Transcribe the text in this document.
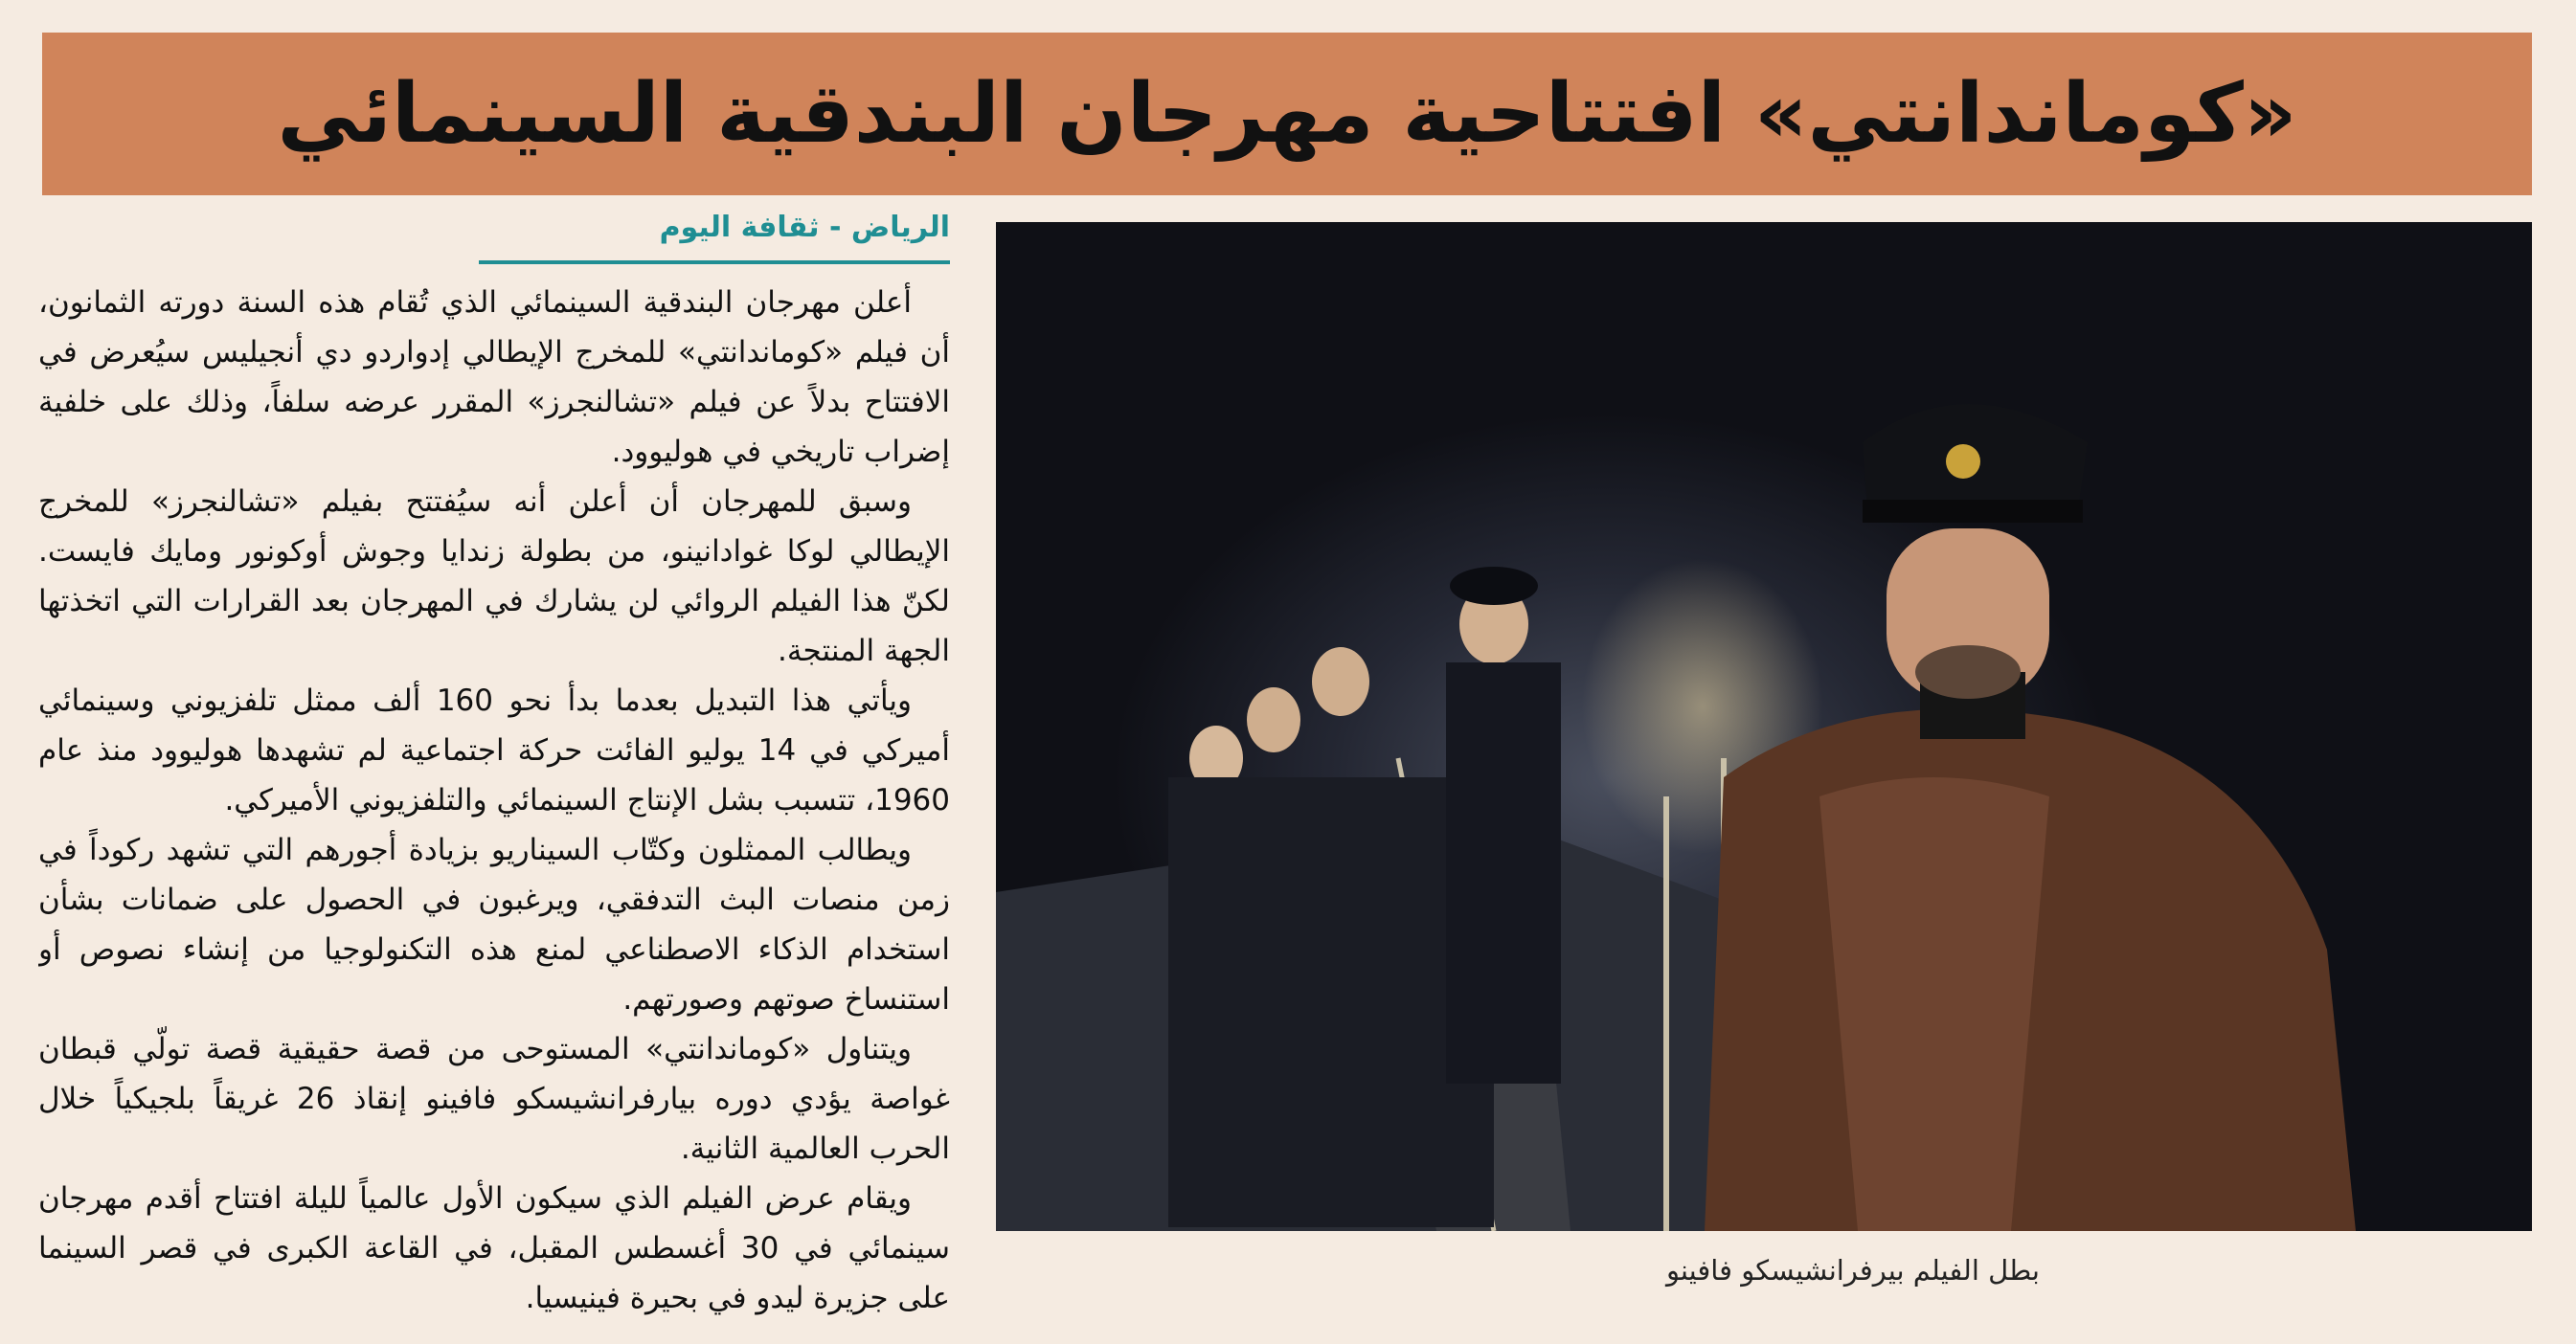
«كوماندانتي» افتتاحية مهرجان البندقية السينمائي
الرياض - ثقافة اليوم

أعلن مهرجان البندقية السينمائي الذي تُقام هذه السنة دورته الثمانون، أن فيلم «كوماندانتي» للمخرج الإيطالي إدواردو دي أنجيليس سيُعرض في الافتتاح بدلاً عن فيلم «تشالنجرز» المقرر عرضه سلفاً، وذلك على خلفية إضراب تاريخي في هوليوود.

وسبق للمهرجان أن أعلن أنه سيُفتتح بفيلم «تشالنجرز» للمخرج الإيطالي لوكا غوادانينو، من بطولة زندايا وجوش أوكونور ومايك فايست. لكنّ هذا الفيلم الروائي لن يشارك في المهرجان بعد القرارات التي اتخذتها الجهة المنتجة.

ويأتي هذا التبديل بعدما بدأ نحو 160 ألف ممثل تلفزيوني وسينمائي أميركي في 14 يوليو الفائت حركة اجتماعية لم تشهدها هوليوود منذ عام 1960، تتسبب بشل الإنتاج السينمائي والتلفزيوني الأميركي.

ويطالب الممثلون وكتّاب السيناريو بزيادة أجورهم التي تشهد ركوداً في زمن منصات البث التدفقي، ويرغبون في الحصول على ضمانات بشأن استخدام الذكاء الاصطناعي لمنع هذه التكنولوجيا من إنشاء نصوص أو استنساخ صوتهم وصورتهم.

ويتناول «كوماندانتي» المستوحى من قصة حقيقية قصة تولّي قبطان غواصة يؤدي دوره بيارفرانشيسكو فافينو إنقاذ 26 غريقاً بلجيكياً خلال الحرب العالمية الثانية.

ويقام عرض الفيلم الذي سيكون الأول عالمياً لليلة افتتاح أقدم مهرجان سينمائي في 30 أغسطس المقبل، في القاعة الكبرى في قصر السينما على جزيرة ليدو في بحيرة فينيسيا.

بطل الفيلم بيرفرانشيسكو فافينو
